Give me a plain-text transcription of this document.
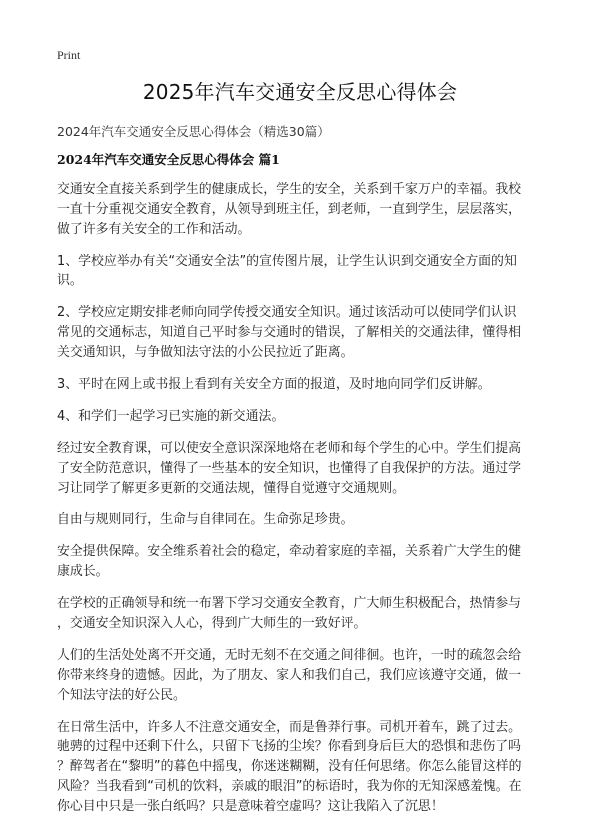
Print
2025年汽车交通安全反思心得体会
2024年汽车交通安全反思心得体会（精选30篇）
2024年汽车交通安全反思心得体会 篇1

交通安全直接关系到学生的健康成长，学生的安全，关系到千家万户的幸福。我校
一直十分重视交通安全教育，从领导到班主任，到老师，一直到学生，层层落实，
做了许多有关安全的工作和活动。

1、学校应举办有关“交通安全法”的宣传图片展，让学生认识到交通安全方面的知
识。

2、学校应定期安排老师向同学传授交通安全知识。通过该活动可以使同学们认识
常见的交通标志，知道自己平时参与交通时的错误，了解相关的交通法律，懂得相
关交通知识，与争做知法守法的小公民拉近了距离。

3、平时在网上或书报上看到有关安全方面的报道，及时地向同学们反讲解。

4、和学们一起学习已实施的新交通法。

经过安全教育课，可以使安全意识深深地烙在老师和每个学生的心中。学生们提高
了安全防范意识，懂得了一些基本的安全知识，也懂得了自我保护的方法。通过学
习让同学了解更多更新的交通法规，懂得自觉遵守交通规则。

自由与规则同行，生命与自律同在。生命弥足珍贵。

安全提供保障。安全维系着社会的稳定，牵动着家庭的幸福，关系着广大学生的健
康成长。

在学校的正确领导和统一布署下学习交通安全教育，广大师生积极配合，热情参与
，交通安全知识深入人心，得到广大师生的一致好评。

人们的生活处处离不开交通，无时无刻不在交通之间徘徊。也许，一时的疏忽会给
你带来终身的遗憾。因此，为了朋友、家人和我们自己，我们应该遵守交通，做一
个知法守法的好公民。

在日常生活中，许多人不注意交通安全，而是鲁莽行事。司机开着车，跳了过去。
驰骋的过程中还剩下什么，只留下飞扬的尘埃？你看到身后巨大的恐惧和悲伤了吗
？醉驾者在“黎明”的暮色中摇曳，你迷迷糊糊，没有任何思绪。你怎么能冒这样的
风险？当我看到“司机的饮料，亲戚的眼泪”的标语时，我为你的无知深感羞愧。在
你心目中只是一张白纸吗？只是意味着空虚吗？这让我陷入了沉思！
